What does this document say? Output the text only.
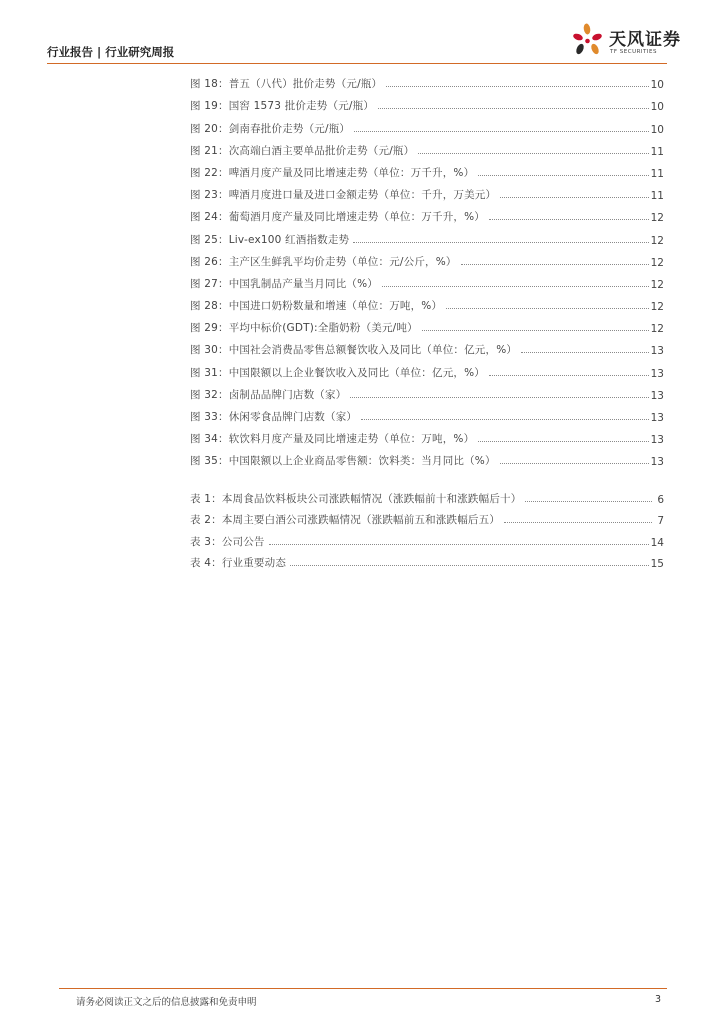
行业报告 | 行业研究周报
天风证券
TF SECURITIES
图 18：普五（八代）批价走势（元/瓶）	10
图 19：国窖 1573 批价走势（元/瓶）	10
图 20：剑南春批价走势（元/瓶）	10
图 21：次高端白酒主要单品批价走势（元/瓶）	11
图 22：啤酒月度产量及同比增速走势（单位：万千升，%）	11
图 23：啤酒月度进口量及进口金额走势（单位：千升，万美元）	11
图 24：葡萄酒月度产量及同比增速走势（单位：万千升，%）	12
图 25：Liv-ex100 红酒指数走势	12
图 26：主产区生鲜乳平均价走势（单位：元/公斤，%）	12
图 27：中国乳制品产量当月同比（%）	12
图 28：中国进口奶粉数量和增速（单位：万吨，%）	12
图 29：平均中标价(GDT):全脂奶粉（美元/吨）	12
图 30：中国社会消费品零售总额餐饮收入及同比（单位：亿元，%）	13
图 31：中国限额以上企业餐饮收入及同比（单位：亿元，%）	13
图 32：卤制品品牌门店数（家）	13
图 33：休闲零食品牌门店数（家）	13
图 34：软饮料月度产量及同比增速走势（单位：万吨，%）	13
图 35：中国限额以上企业商品零售额：饮料类：当月同比（%）	13
表 1：本周食品饮料板块公司涨跌幅情况（涨跌幅前十和涨跌幅后十）	6
表 2：本周主要白酒公司涨跌幅情况（涨跌幅前五和涨跌幅后五）	7
表 3：公司公告	14
表 4：行业重要动态	15
请务必阅读正文之后的信息披露和免责申明	3
